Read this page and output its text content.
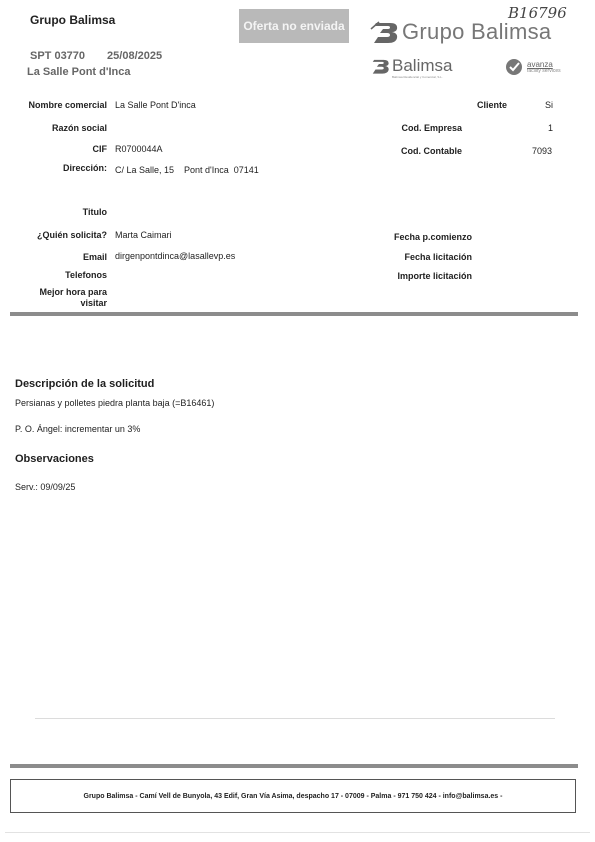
Grupo Balimsa	Oferta no enviada
SPT 03770 25/08/2025
La Salle Pont d'Inca
Grupo Balimsa
B16796
Balimsa
Balimsa Residencial y Comercial, S.L.
avanza
facility services
Nombre comercial La Salle Pont D'inca	Cliente	Si
Razón social	Cod. Empresa	1
CIF R0700044A	Cod. Contable	7093
Dirección: C/ La Salle, 15    Pont d'Inca  07141
Titulo
¿Quién solicita? Marta Caimari	Fecha p.comienzo
Email dirgenpontdinca@lasallevp.es	Fecha licitación
Telefonos	Importe licitación
Mejor hora para
visitar
Descripción de la solicitud
Persianas y polletes piedra planta baja (=B16461)
P. O. Ángel: incrementar un 3%
Observaciones
Serv.: 09/09/25
Grupo Balimsa - Camí Vell de Bunyola, 43 Edif, Gran Vía Asima, despacho 17 - 07009 - Palma - 971 750 424 - info@balimsa.es -
